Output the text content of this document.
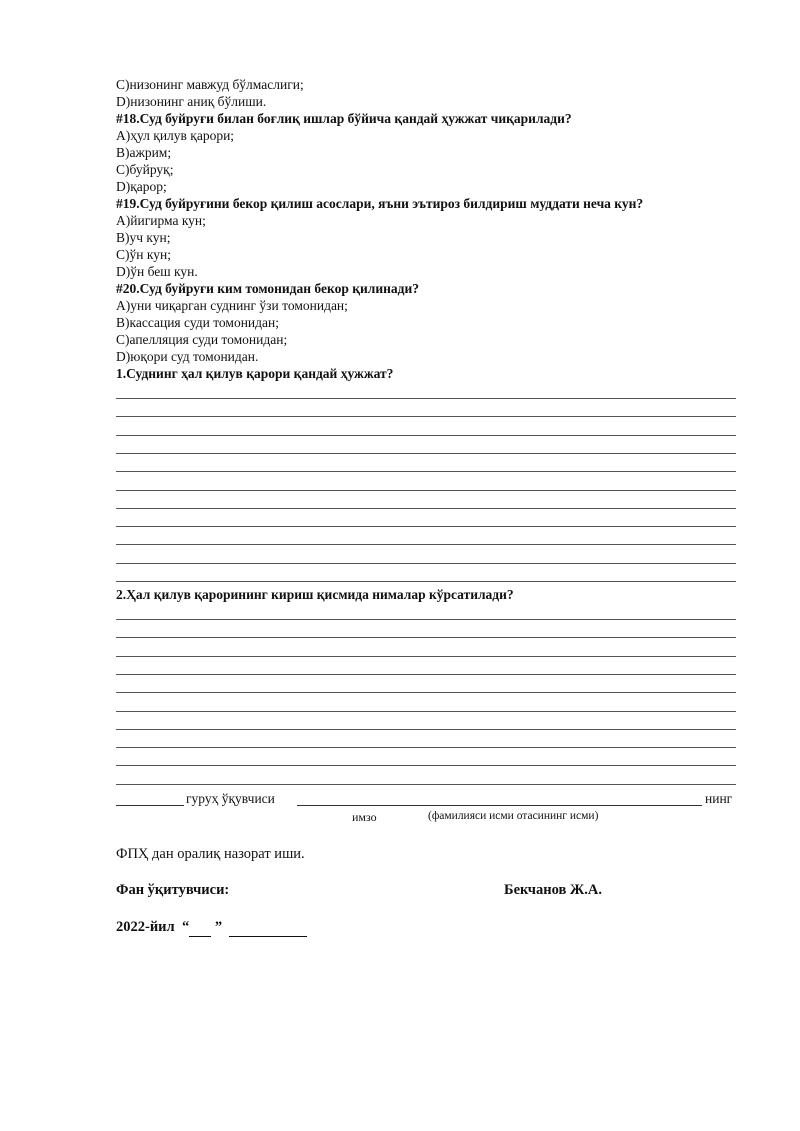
C)низонинг мавжуд бўлмаслиги;
D)низонинг аниқ бўлиши.
#18.Суд буйруғи билан боғлиқ ишлар бўйича қандай ҳужжат чиқарилади?
A)ҳул қилув қарори;
B)ажрим;
C)буйруқ;
D)қарор;
#19.Суд буйруғини бекор қилиш асослари, яъни эътироз билдириш муддати неча кун?
A)йигирма кун;
B)уч кун;
C)ўн кун;
D)ўн беш кун.
#20.Суд буйруғи ким томонидан бекор қилинади?
A)уни чиқарган суднинг ўзи томонидан;
B)кассация суди томонидан;
C)апелляция суди томонидан;
D)юқори суд томонидан.
1.Суднинг ҳал қилув қарори қандай ҳужжат?
2.Ҳал қилув қарорининг кириш қисмида нималар кўрсатилади?
гуруҳ ўқувчиси	нинг
имзо	(фамилияси исми отасининг исми)
ФПҲ дан оралиқ назорат иши.
Фан ўқитувчиси:	Бекчанов Ж.А.
2022-йил “ ”
